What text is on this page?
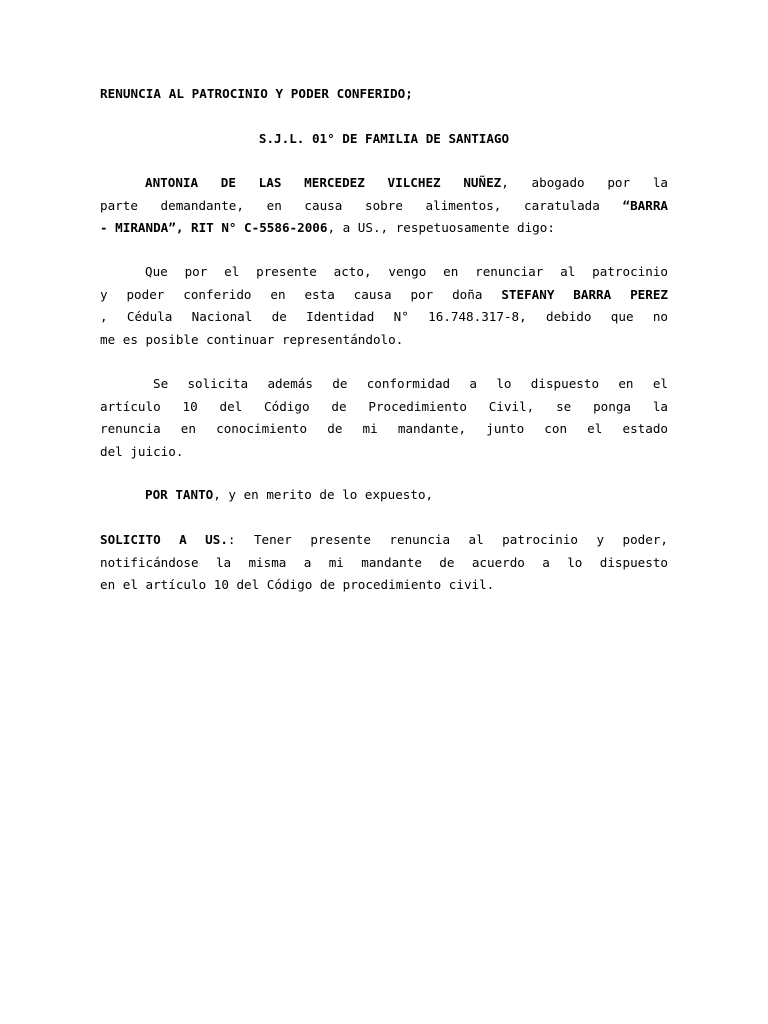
RENUNCIA AL PATROCINIO Y PODER CONFERIDO;
S.J.L. 01° DE FAMILIA DE SANTIAGO
ANTONIA DE LAS MERCEDEZ VILCHEZ NUÑEZ, abogado por la
parte demandante, en causa sobre alimentos, caratulada “BARRA
- MIRANDA”, RIT N° C-5586-2006, a US., respetuosamente digo:
Que por el presente acto, vengo en renunciar al patrocinio
y poder conferido en esta causa por doña STEFANY BARRA PEREZ
, Cédula Nacional de Identidad N° 16.748.317-8, debido que no
me es posible continuar representándolo.
Se solicita además de conformidad a lo dispuesto en el
artículo 10 del Código de Procedimiento Civil, se ponga la
renuncia en conocimiento de mi mandante, junto con el estado
del juicio.
POR TANTO, y en merito de lo expuesto,
SOLICITO A US.: Tener presente renuncia al patrocinio y poder,
notificándose la misma a mi mandante de acuerdo a lo dispuesto
en el artículo 10 del Código de procedimiento civil.
